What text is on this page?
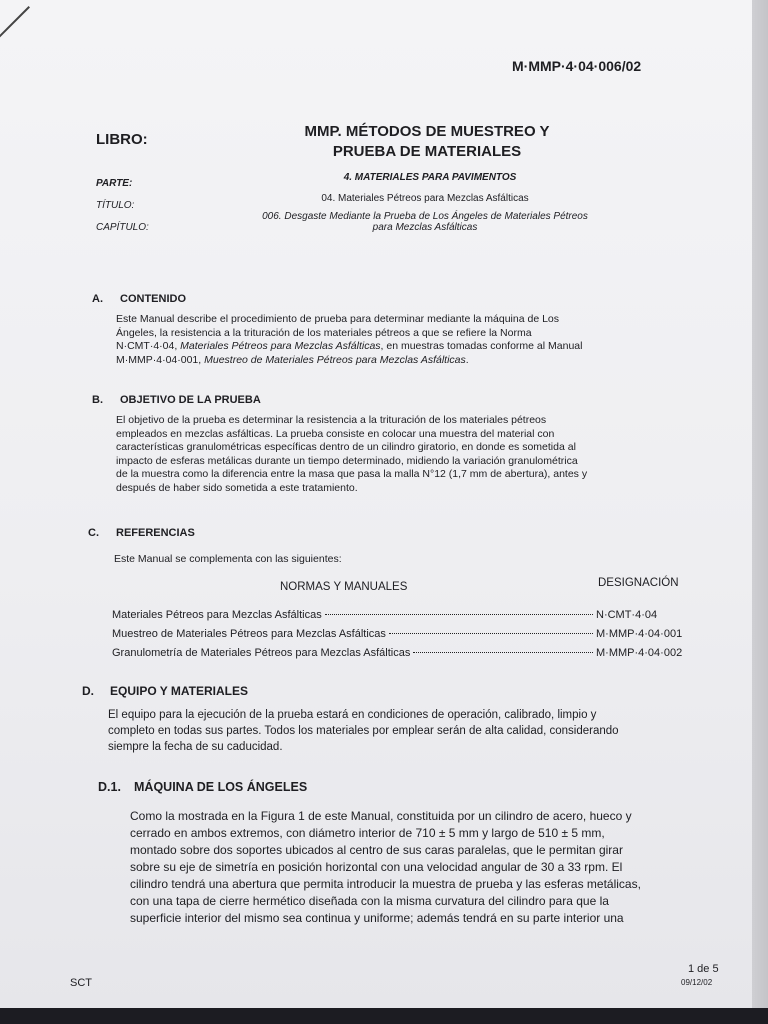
M·MMP·4·04·006/02
LIBRO:	MMP. MÉTODOS DE MUESTREO Y
PRUEBA DE MATERIALES
PARTE:
4. MATERIALES PARA PAVIMENTOS
TÍTULO:
04. Materiales Pétreos para Mezclas Asfálticas
CAPÍTULO:
006. Desgaste Mediante la Prueba de Los Ángeles de Materiales Pétreos
para Mezclas Asfálticas
A. CONTENIDO
Este Manual describe el procedimiento de prueba para determinar mediante la máquina de Los
Ángeles, la resistencia a la trituración de los materiales pétreos a que se refiere la Norma
N·CMT·4·04, Materiales Pétreos para Mezclas Asfálticas, en muestras tomadas conforme al Manual
M·MMP·4·04·001, Muestreo de Materiales Pétreos para Mezclas Asfálticas.
B. OBJETIVO DE LA PRUEBA
El objetivo de la prueba es determinar la resistencia a la trituración de los materiales pétreos
empleados en mezclas asfálticas. La prueba consiste en colocar una muestra del material con
características granulométricas específicas dentro de un cilindro giratorio, en donde es sometida al
impacto de esferas metálicas durante un tiempo determinado, midiendo la variación granulométrica
de la muestra como la diferencia entre la masa que pasa la malla N°12 (1,7 mm de abertura), antes y
después de haber sido sometida a este tratamiento.
C. REFERENCIAS
Este Manual se complementa con las siguientes:
NORMAS Y MANUALES	DESIGNACIÓN
Materiales Pétreos para Mezclas Asfálticas	N·CMT·4·04
Muestreo de Materiales Pétreos para Mezclas Asfálticas	M·MMP·4·04·001
Granulometría de Materiales Pétreos para Mezclas Asfálticas	M·MMP·4·04·002
D. EQUIPO Y MATERIALES
El equipo para la ejecución de la prueba estará en condiciones de operación, calibrado, limpio y
completo en todas sus partes. Todos los materiales por emplear serán de alta calidad, considerando
siempre la fecha de su caducidad.
D.1. MÁQUINA DE LOS ÁNGELES
Como la mostrada en la Figura 1 de este Manual, constituida por un cilindro de acero, hueco y
cerrado en ambos extremos, con diámetro interior de 710 ± 5 mm y largo de 510 ± 5 mm,
montado sobre dos soportes ubicados al centro de sus caras paralelas, que le permitan girar
sobre su eje de simetría en posición horizontal con una velocidad angular de 30 a 33 rpm. El
cilindro tendrá una abertura que permita introducir la muestra de prueba y las esferas metálicas,
con una tapa de cierre hermético diseñada con la misma curvatura del cilindro para que la
superficie interior del mismo sea continua y uniforme; además tendrá en su parte interior una
SCT
1 de 5
09/12/02
